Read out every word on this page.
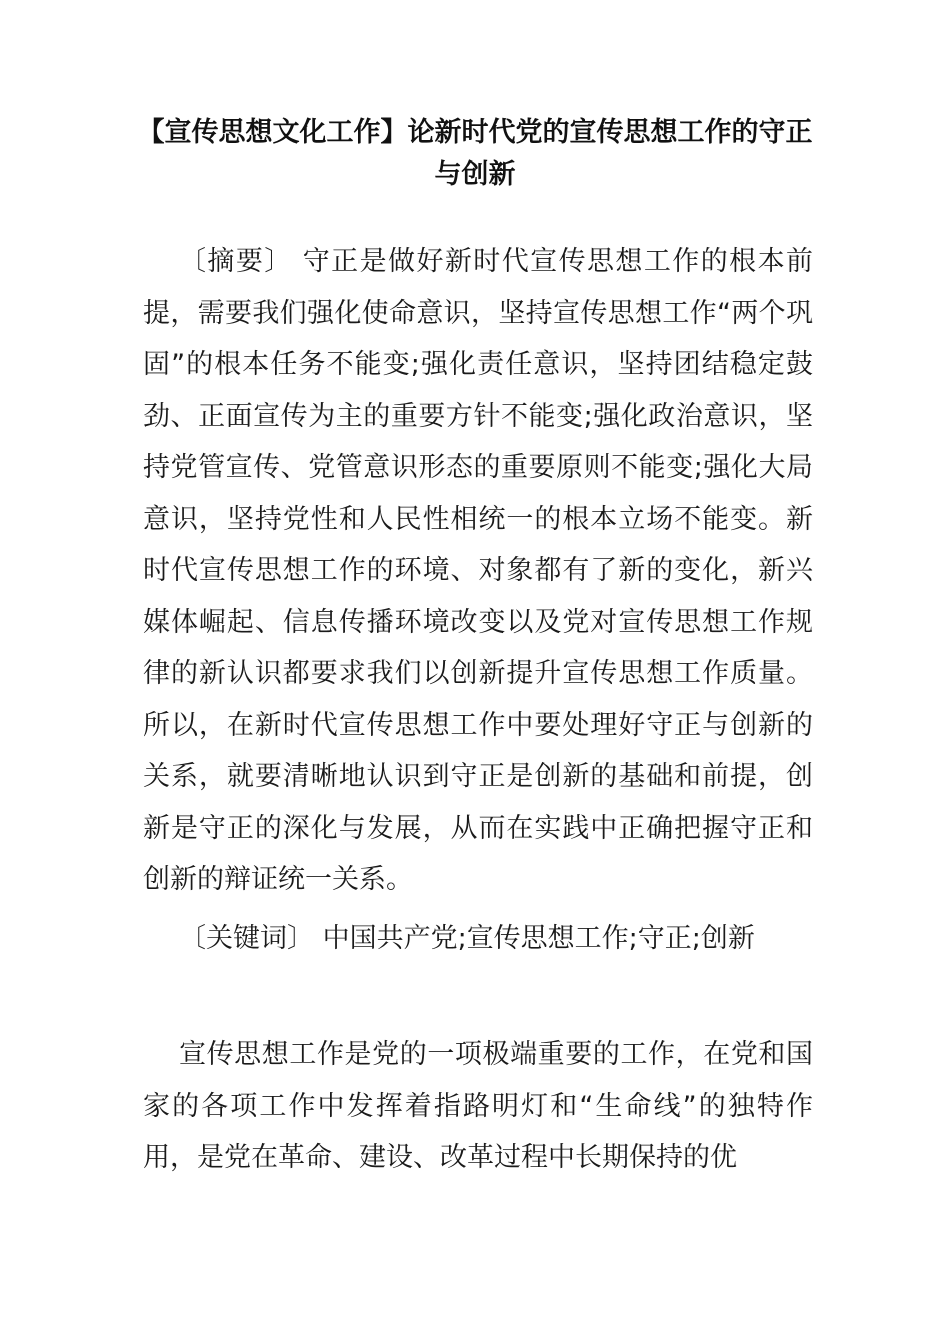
【宣传思想文化工作】论新时代党的宣传思想工作的守正与创新

〔摘要〕 守正是做好新时代宣传思想工作的根本前提，需要我们强化使命意识，坚持宣传思想工作“两个巩固”的根本任务不能变;强化责任意识，坚持团结稳定鼓劲、正面宣传为主的重要方针不能变;强化政治意识，坚持党管宣传、党管意识形态的重要原则不能变;强化大局意识，坚持党性和人民性相统一的根本立场不能变。新时代宣传思想工作的环境、对象都有了新的变化，新兴媒体崛起、信息传播环境改变以及党对宣传思想工作规律的新认识都要求我们以创新提升宣传思想工作质量。所以，在新时代宣传思想工作中要处理好守正与创新的关系，就要清晰地认识到守正是创新的基础和前提，创新是守正的深化与发展，从而在实践中正确把握守正和创新的辩证统一关系。

〔关键词〕 中国共产党;宣传思想工作;守正;创新

宣传思想工作是党的一项极端重要的工作，在党和国家的各项工作中发挥着指路明灯和“生命线”的独特作用，是党在革命、建设、改革过程中长期保持的优
